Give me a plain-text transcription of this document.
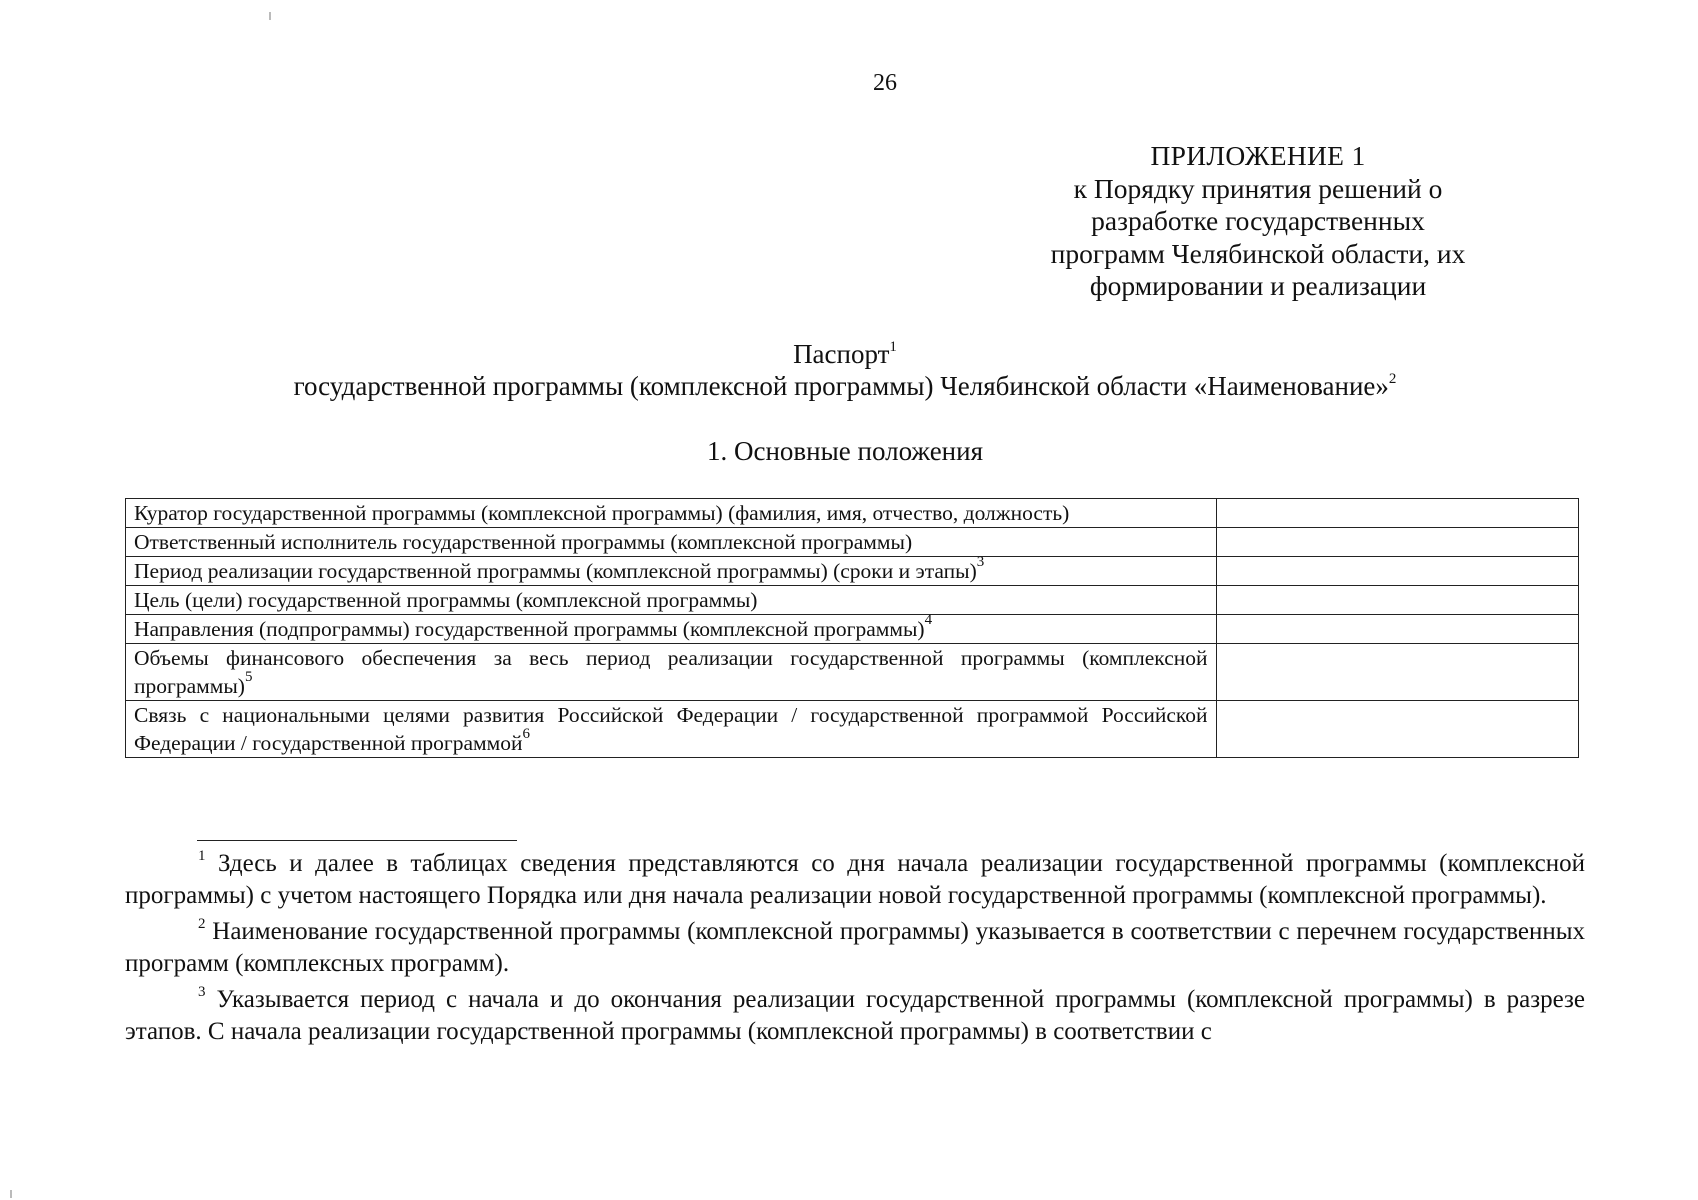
26
ПРИЛОЖЕНИЕ 1
к Порядку принятия решений о
разработке государственных
программ Челябинской области, их
формировании и реализации
Паспорт$^1$
государственной программы (комплексной программы) Челябинской области «Наименование»$^2$
1. Основные положения
Куратор государственной программы (комплексной программы) (фамилия, имя, отчество, должность)	
Ответственный исполнитель государственной программы (комплексной программы)	
Период реализации государственной программы (комплексной программы) (сроки и этапы)$^3$	
Цель (цели) государственной программы (комплексной программы)	
Направления (подпрограммы) государственной программы (комплексной программы)$^4$	
Объемы финансового обеспечения за весь период реализации государственной программы (комплексной программы)$^5$	
Связь с национальными целями развития Российской Федерации / государственной программой Российской Федерации / государственной программой$^6$	

$^1$ Здесь и далее в таблицах сведения представляются со дня начала реализации государственной программы (комплексной программы) с учетом настоящего Порядка или дня начала реализации новой государственной программы (комплексной программы).

$^2$ Наименование государственной программы (комплексной программы) указывается в соответствии с перечнем государственных программ (комплексных программ).

$^3$ Указывается период с начала и до окончания реализации государственной программы (комплексной программы) в разрезе этапов. С начала реализации государственной программы (комплексной программы) в соответствии с
